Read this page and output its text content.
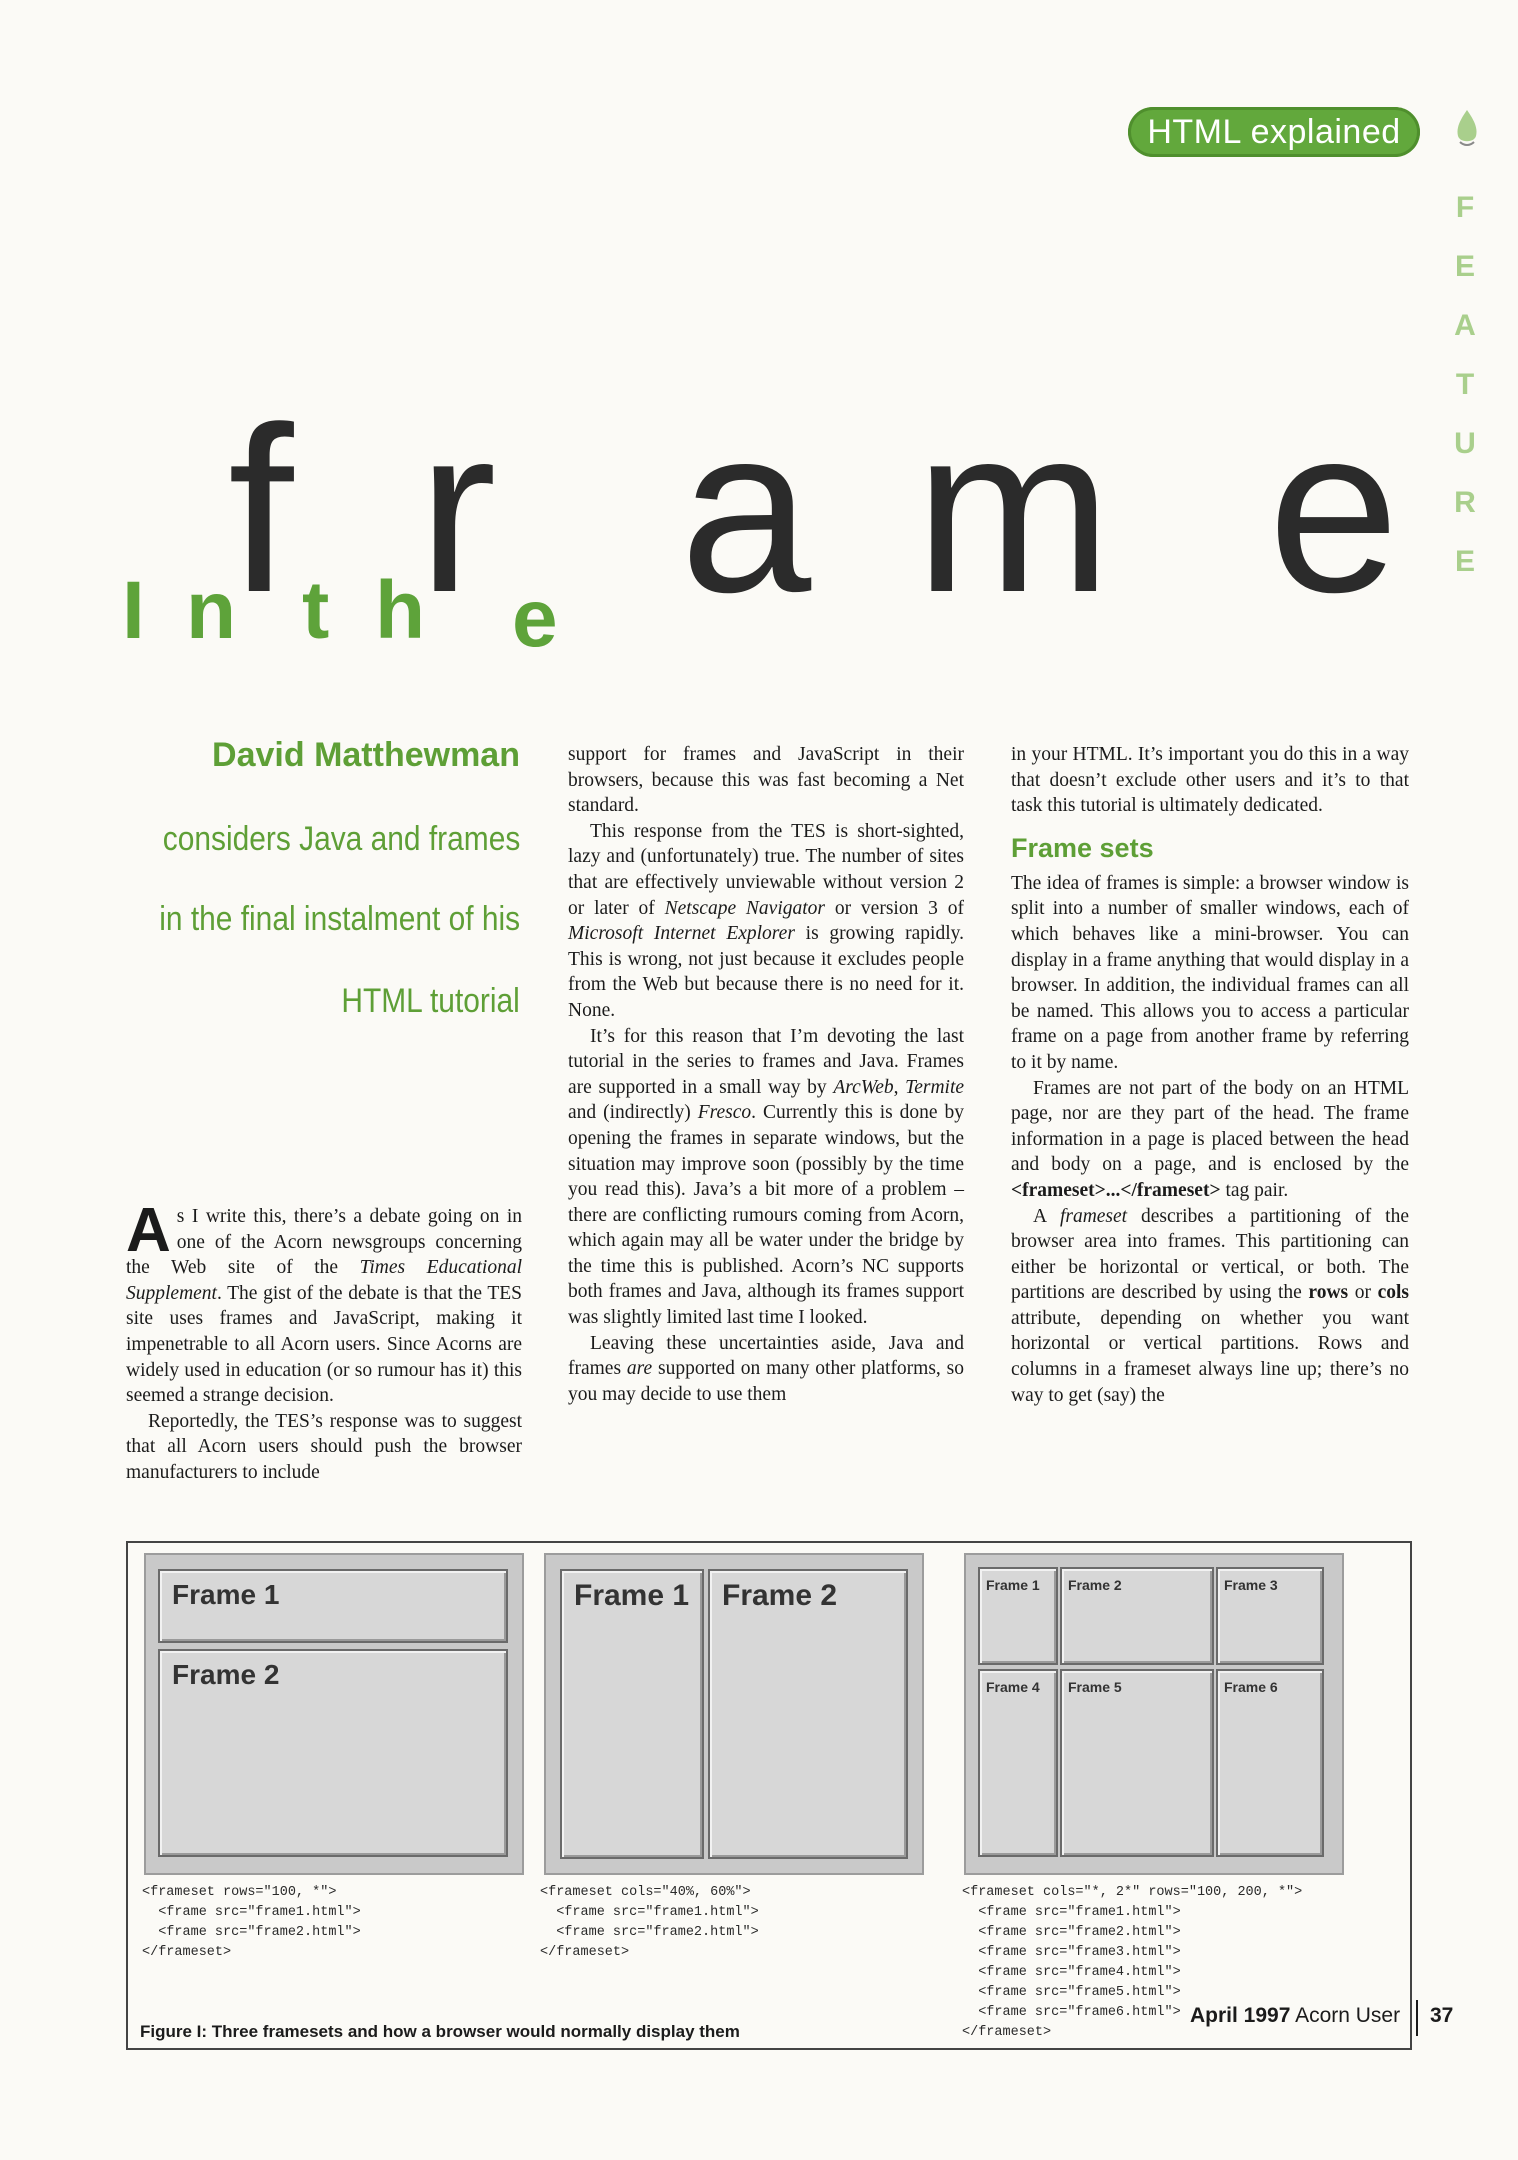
HTML explained
F
E
A
T
U
R
E
I n
f t h
r e a m e
David Matthewman
considers Java and frames
in the final instalment of his
HTML tutorial

As I write this, there’s a debate going on in one of the Acorn newsgroups concerning the Web site of the Times Educational Supplement. The gist of the debate is that the TES site uses frames and JavaScript, making it impenetrable to all Acorn users. Since Acorns are widely used in education (or so rumour has it) this seemed a strange decision.

Reportedly, the TES’s response was to suggest that all Acorn users should push the browser manufacturers to include

support for frames and JavaScript in their browsers, because this was fast becoming a Net standard.

This response from the TES is short-sighted, lazy and (unfortunately) true. The number of sites that are effectively unviewable without version 2 or later of Netscape Navigator or version 3 of Microsoft Internet Explorer is growing rapidly. This is wrong, not just because it excludes people from the Web but because there is no need for it. None.

It’s for this reason that I’m devoting the last tutorial in the series to frames and Java. Frames are supported in a small way by ArcWeb, Termite and (indirectly) Fresco. Currently this is done by opening the frames in separate windows, but the situation may improve soon (possibly by the time you read this). Java’s a bit more of a problem – there are conflicting rumours coming from Acorn, which again may all be water under the bridge by the time this is published. Acorn’s NC supports both frames and Java, although its frames support was slightly limited last time I looked.

Leaving these uncertainties aside, Java and frames are supported on many other platforms, so you may decide to use them

in your HTML. It’s important you do this in a way that doesn’t exclude other users and it’s to that task this tutorial is ultimately dedicated.

Frame sets

The idea of frames is simple: a browser window is split into a number of smaller windows, each of which behaves like a mini-browser. You can display in a frame anything that would display in a browser. In addition, the individual frames can all be named. This allows you to access a particular frame on a page from another frame by referring to it by name.

Frames are not part of the body on an HTML page, nor are they part of the head. The frame information in a page is placed between the head and body on a page, and is enclosed by the <frameset>...</frameset> tag pair.

A frameset describes a partitioning of the browser area into frames. This partitioning can either be horizontal or vertical, or both. The partitions are described by using the rows or cols attribute, depending on whether you want horizontal or vertical partitions. Rows and columns in a frameset always line up; there’s no way to get (say) the

Frame 1
Frame 2
<frameset rows="100, *">
<frame src="frame1.html">
<frame src="frame2.html">
</frameset>
Frame 1 Frame 2
<frameset cols="40%, 60%">
<frame src="frame1.html">
<frame src="frame2.html">
</frameset>
Frame 1 Frame 2	Frame 3
Frame 4 Frame 5	Frame 6
<frameset cols="*, 2*" rows="100, 200, *">
<frame src="frame1.html">
<frame src="frame2.html">
<frame src="frame3.html">
<frame src="frame4.html">
<frame src="frame5.html">
<frame src="frame6.html">
</frameset>
Figure I: Three framesets and how a browser would normally display them
April 1997 Acorn User 37
